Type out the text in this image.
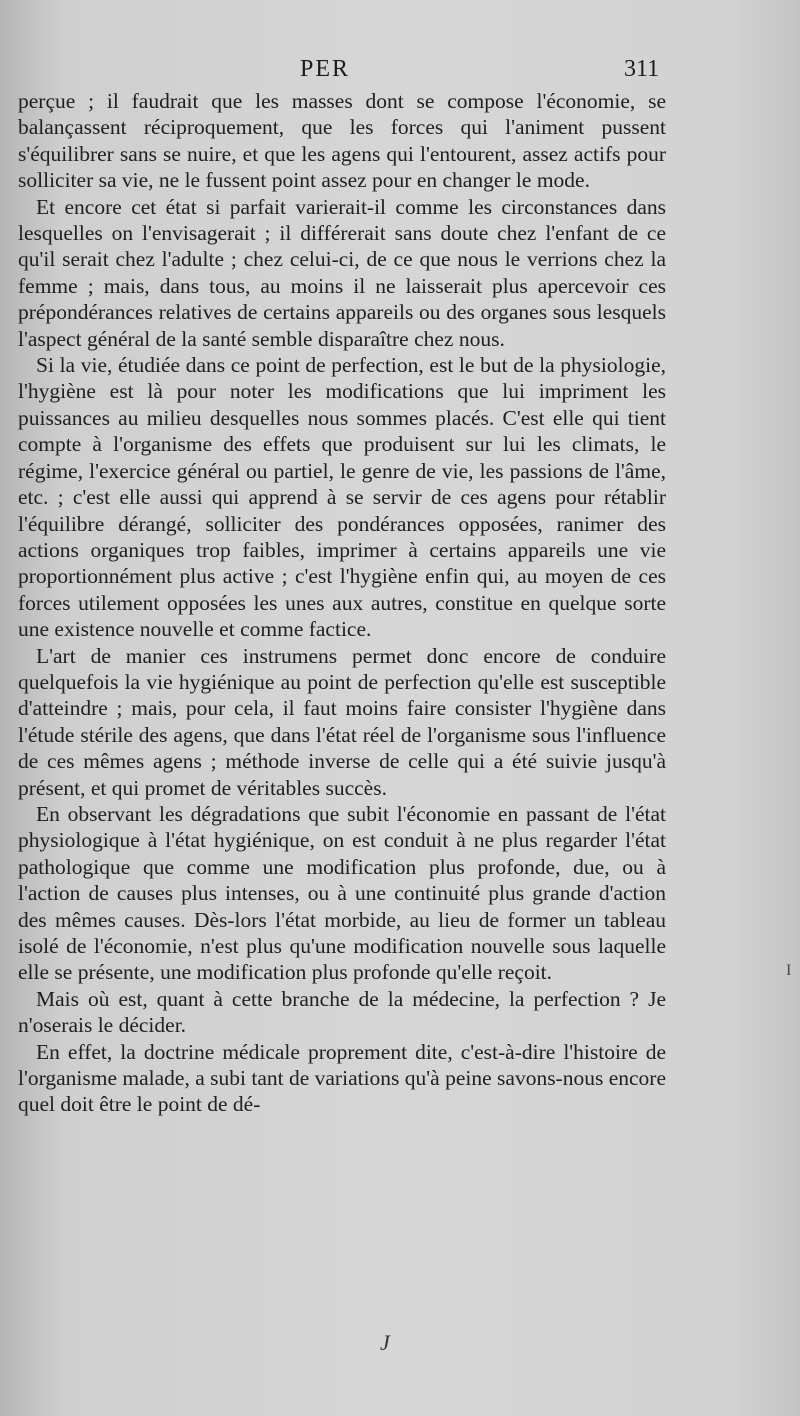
PER	311

perçue ; il faudrait que les masses dont se compose l'économie, se balançassent réciproquement, que les forces qui l'animent pussent s'équilibrer sans se nuire, et que les agens qui l'entourent, assez actifs pour solliciter sa vie, ne le fussent point assez pour en changer le mode.

Et encore cet état si parfait varierait-il comme les circonstances dans lesquelles on l'envisagerait ; il différerait sans doute chez l'enfant de ce qu'il serait chez l'adulte ; chez celui-ci, de ce que nous le verrions chez la femme ; mais, dans tous, au moins il ne laisserait plus apercevoir ces prépondérances relatives de certains appareils ou des organes sous lesquels l'aspect général de la santé semble disparaître chez nous.

Si la vie, étudiée dans ce point de perfection, est le but de la physiologie, l'hygiène est là pour noter les modifications que lui impriment les puissances au milieu desquelles nous sommes placés. C'est elle qui tient compte à l'organisme des effets que produisent sur lui les climats, le régime, l'exercice général ou partiel, le genre de vie, les passions de l'âme, etc. ; c'est elle aussi qui apprend à se servir de ces agens pour rétablir l'équilibre dérangé, solliciter des pondérances opposées, ranimer des actions organiques trop faibles, imprimer à certains appareils une vie proportionnément plus active ; c'est l'hygiène enfin qui, au moyen de ces forces utilement opposées les unes aux autres, constitue en quelque sorte une existence nouvelle et comme factice.

L'art de manier ces instrumens permet donc encore de conduire quelquefois la vie hygiénique au point de perfection qu'elle est susceptible d'atteindre ; mais, pour cela, il faut moins faire consister l'hygiène dans l'étude stérile des agens, que dans l'état réel de l'organisme sous l'influence de ces mêmes agens ; méthode inverse de celle qui a été suivie jusqu'à présent, et qui promet de véritables succès.

En observant les dégradations que subit l'économie en passant de l'état physiologique à l'état hygiénique, on est conduit à ne plus regarder l'état pathologique que comme une modification plus profonde, due, ou à l'action de causes plus intenses, ou à une continuité plus grande d'action des mêmes causes. Dès-lors l'état morbide, au lieu de former un tableau isolé de l'économie, n'est plus qu'une modification nouvelle sous laquelle elle se présente, une modification plus profonde qu'elle reçoit.

Mais où est, quant à cette branche de la médecine, la perfection ? Je n'oserais le décider.

En effet, la doctrine médicale proprement dite, c'est-à-dire l'histoire de l'organisme malade, a subi tant de variations qu'à peine savons-nous encore quel doit être le point de dé-

I
J
